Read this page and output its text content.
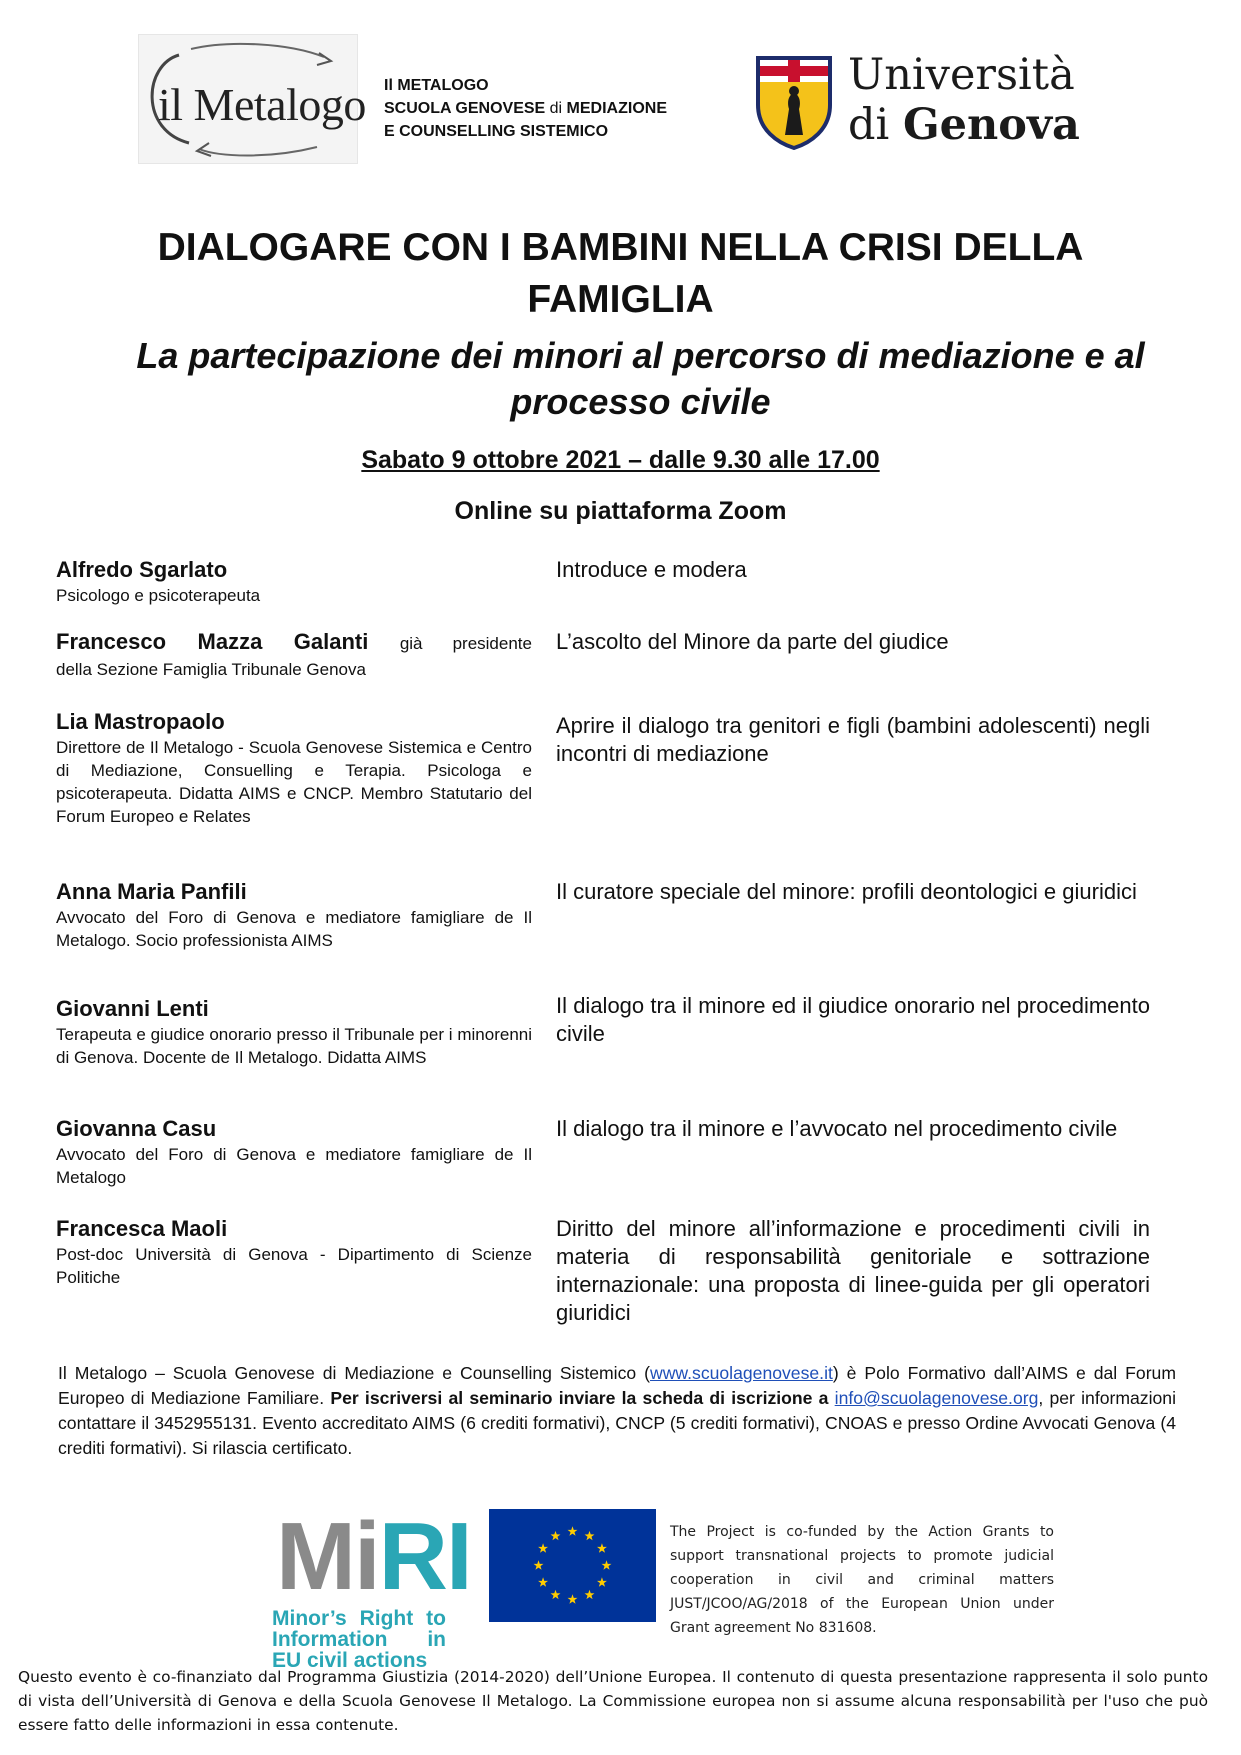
il Metalogo Il METALOGO
SCUOLA GENOVESE di MEDIAZIONE
E COUNSELLING SISTEMICO
Università
di Genova
DIALOGARE CON I BAMBINI NELLA CRISI DELLA FAMIGLIA
La partecipazione dei minori al percorso di mediazione e al processo civile
Sabato 9 ottobre 2021 – dalle 9.30 alle 17.00
Online su piattaforma Zoom
Alfredo Sgarlato
Psicologo e psicoterapeuta
Introduce e modera
Francesco Mazza Galanti già presidente
della Sezione Famiglia Tribunale Genova
L’ascolto del Minore da parte del giudice
Lia Mastropaolo
Direttore de Il Metalogo - Scuola Genovese Sistemica e Centro di Mediazione, Consuelling e Terapia. Psicologa e psicoterapeuta. Didatta AIMS e CNCP. Membro Statutario del Forum Europeo e Relates
Aprire il dialogo tra genitori e figli (bambini adolescenti) negli incontri di mediazione
Anna Maria Panfili
Avvocato del Foro di Genova e mediatore famigliare de Il Metalogo. Socio professionista AIMS
Il curatore speciale del minore: profili deontologici e giuridici
Giovanni Lenti
Terapeuta e giudice onorario presso il Tribunale per i minorenni di Genova. Docente de Il Metalogo. Didatta AIMS
Il dialogo tra il minore ed il giudice onorario nel procedimento civile
Giovanna Casu
Avvocato del Foro di Genova e mediatore famigliare de Il Metalogo
Il dialogo tra il minore e l’avvocato nel procedimento civile
Francesca Maoli
Post-doc Università di Genova - Dipartimento di Scienze Politiche
Diritto del minore all’informazione e procedimenti civili in materia di responsabilità genitoriale e sottrazione internazionale: una proposta di linee-guida per gli operatori giuridici
Il Metalogo – Scuola Genovese di Mediazione e Counselling Sistemico (www.scuolagenovese.it) è Polo Formativo dall’AIMS e dal Forum Europeo di Mediazione Familiare. Per iscriversi al seminario inviare la scheda di iscrizione a info@scuolagenovese.org, per informazioni contattare il 3452955131. Evento accreditato AIMS (6 crediti formativi), CNCP (5 crediti formativi), CNOAS e presso Ordine Avvocati Genova (4 crediti formativi). Si rilascia certificato.
MiRI
Minor’s Right to Information in EU civil actions
The Project is co-funded by the Action Grants to support transnational projects to promote judicial cooperation in civil and criminal matters JUST/JCOO/AG/2018 of the European Union under Grant agreement No 831608.
Questo evento è co-finanziato dal Programma Giustizia (2014-2020) dell’Unione Europea. Il contenuto di questa presentazione rappresenta il solo punto di vista dell’Università di Genova e della Scuola Genovese Il Metalogo. La Commissione europea non si assume alcuna responsabilità per l'uso che può essere fatto delle informazioni in essa contenute.
